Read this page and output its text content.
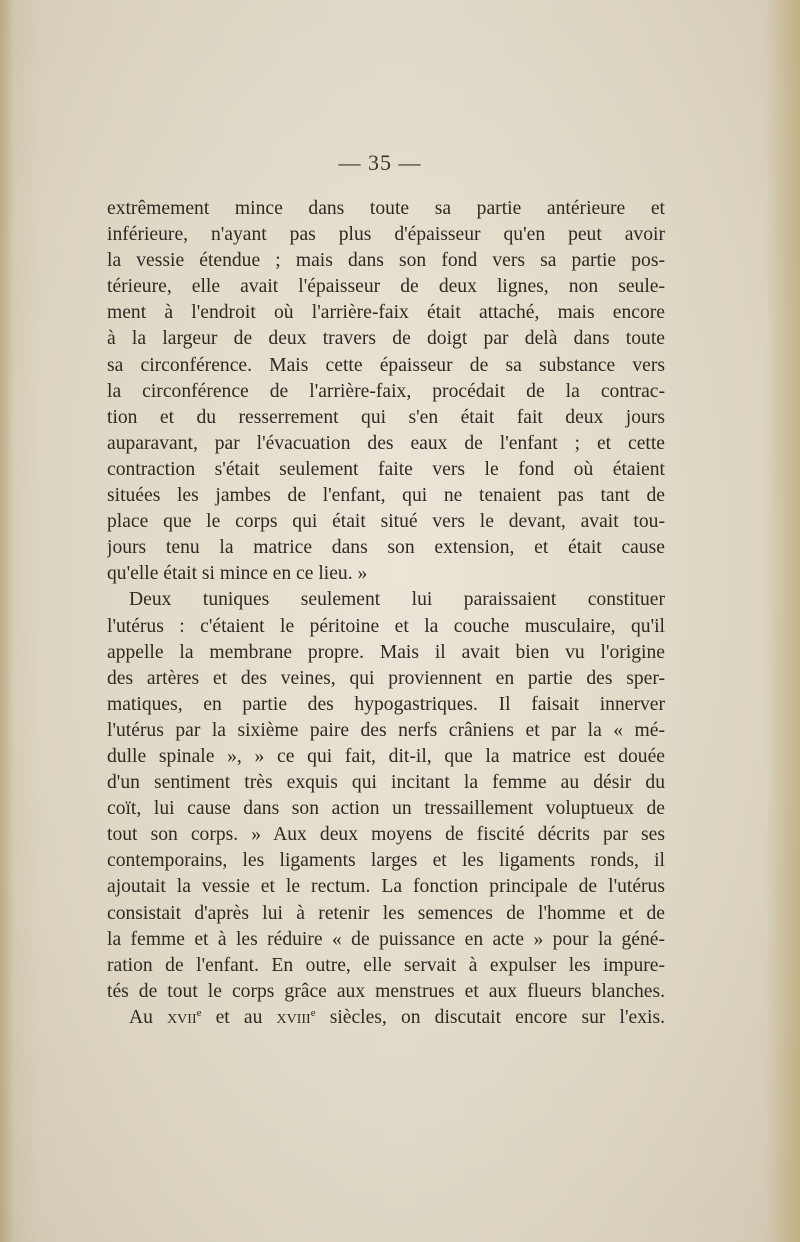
— 35 —
extrêmement mince dans toute sa partie antérieure et
inférieure, n'ayant pas plus d'épaisseur qu'en peut avoir
la vessie étendue ; mais dans son fond vers sa partie pos-
térieure, elle avait l'épaisseur de deux lignes, non seule-
ment à l'endroit où l'arrière-faix était attaché, mais encore
à la largeur de deux travers de doigt par delà dans toute
sa circonférence. Mais cette épaisseur de sa substance vers
la circonférence de l'arrière-faix, procédait de la contrac-
tion et du resserrement qui s'en était fait deux jours
auparavant, par l'évacuation des eaux de l'enfant ; et cette
contraction s'était seulement faite vers le fond où étaient
situées les jambes de l'enfant, qui ne tenaient pas tant de
place que le corps qui était situé vers le devant, avait tou-
jours tenu la matrice dans son extension, et était cause
qu'elle était si mince en ce lieu. »
Deux tuniques seulement lui paraissaient constituer
l'utérus : c'étaient le péritoine et la couche musculaire, qu'il
appelle la membrane propre. Mais il avait bien vu l'origine
des artères et des veines, qui proviennent en partie des sper-
matiques, en partie des hypogastriques. Il faisait innerver
l'utérus par la sixième paire des nerfs crâniens et par la « mé-
dulle spinale », » ce qui fait, dit-il, que la matrice est douée
d'un sentiment très exquis qui incitant la femme au désir du
coït, lui cause dans son action un tressaillement voluptueux de
tout son corps. » Aux deux moyens de fiscité décrits par ses
contemporains, les ligaments larges et les ligaments ronds, il
ajoutait la vessie et le rectum. La fonction principale de l'utérus
consistait d'après lui à retenir les semences de l'homme et de
la femme et à les réduire « de puissance en acte » pour la géné-
ration de l'enfant. En outre, elle servait à expulser les impure-
tés de tout le corps grâce aux menstrues et aux flueurs blanches.
Au xvii$^e$ et au xviii$^e$ siècles, on discutait encore sur l'exis.
